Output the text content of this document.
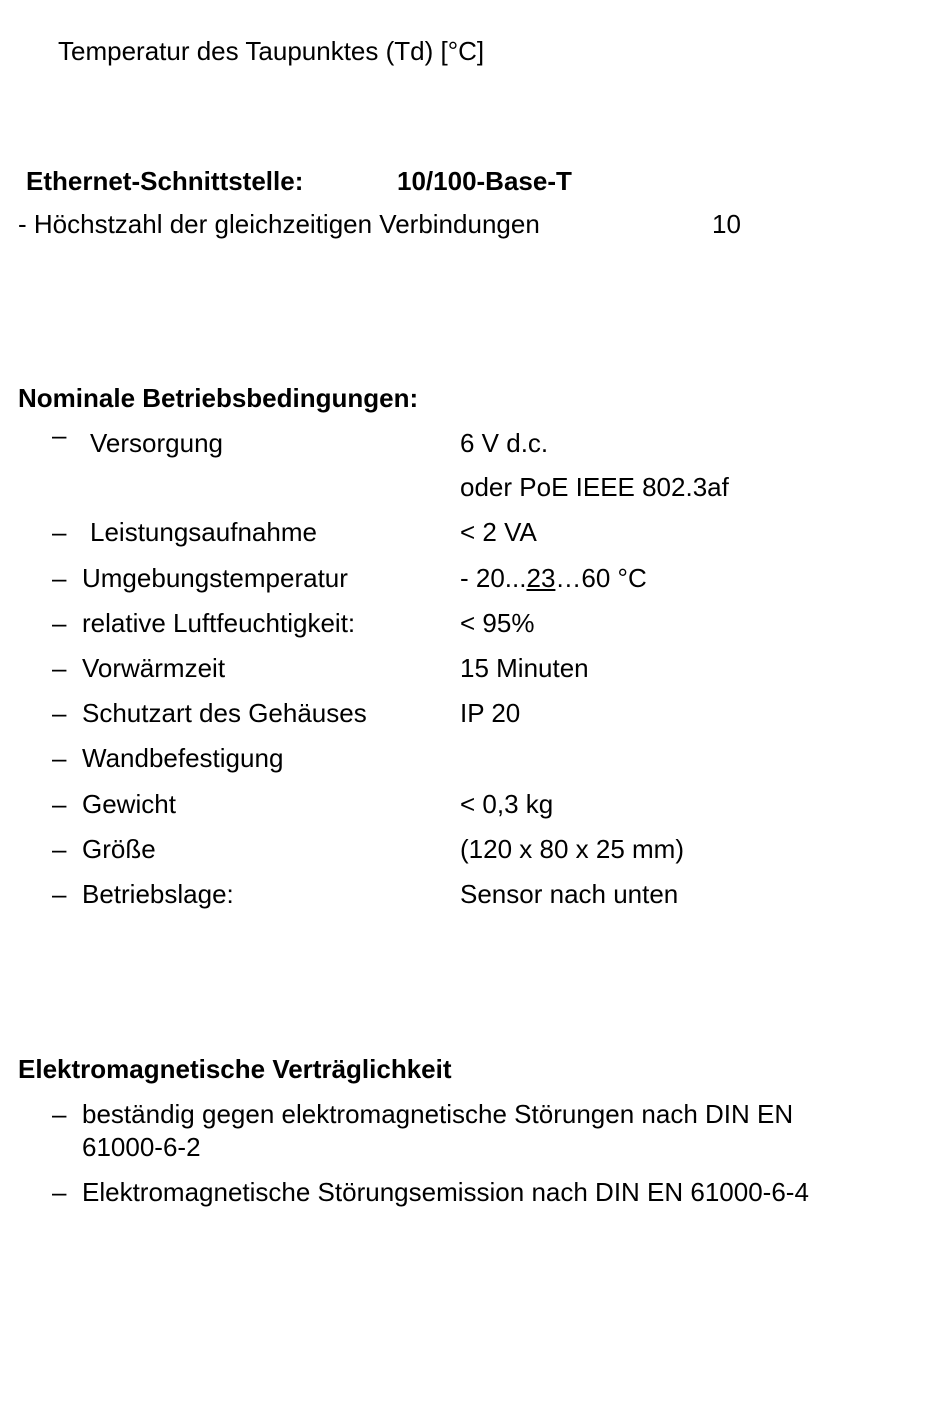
Temperatur des Taupunktes (Td) [°C]
Ethernet-Schnittstelle:	10/100-Base-T
- Höchstzahl der gleichzeitigen Verbindungen	10
Nominale Betriebsbedingungen:
– Versorgung	6 V d.c.
oder PoE IEEE 802.3af
– Leistungsaufnahme	< 2 VA
– Umgebungstemperatur	- 20...23…60 °C
– relative Luftfeuchtigkeit:	< 95%
– Vorwärmzeit	15 Minuten
– Schutzart des Gehäuses	IP 20
– Wandbefestigung
– Gewicht	< 0,3 kg
– Größe	(120 x 80 x 25 mm)
– Betriebslage:	Sensor nach unten
Elektromagnetische Verträglichkeit
– beständig gegen elektromagnetische Störungen nach DIN EN
61000-6-2
– Elektromagnetische Störungsemission nach DIN EN 61000-6-4
